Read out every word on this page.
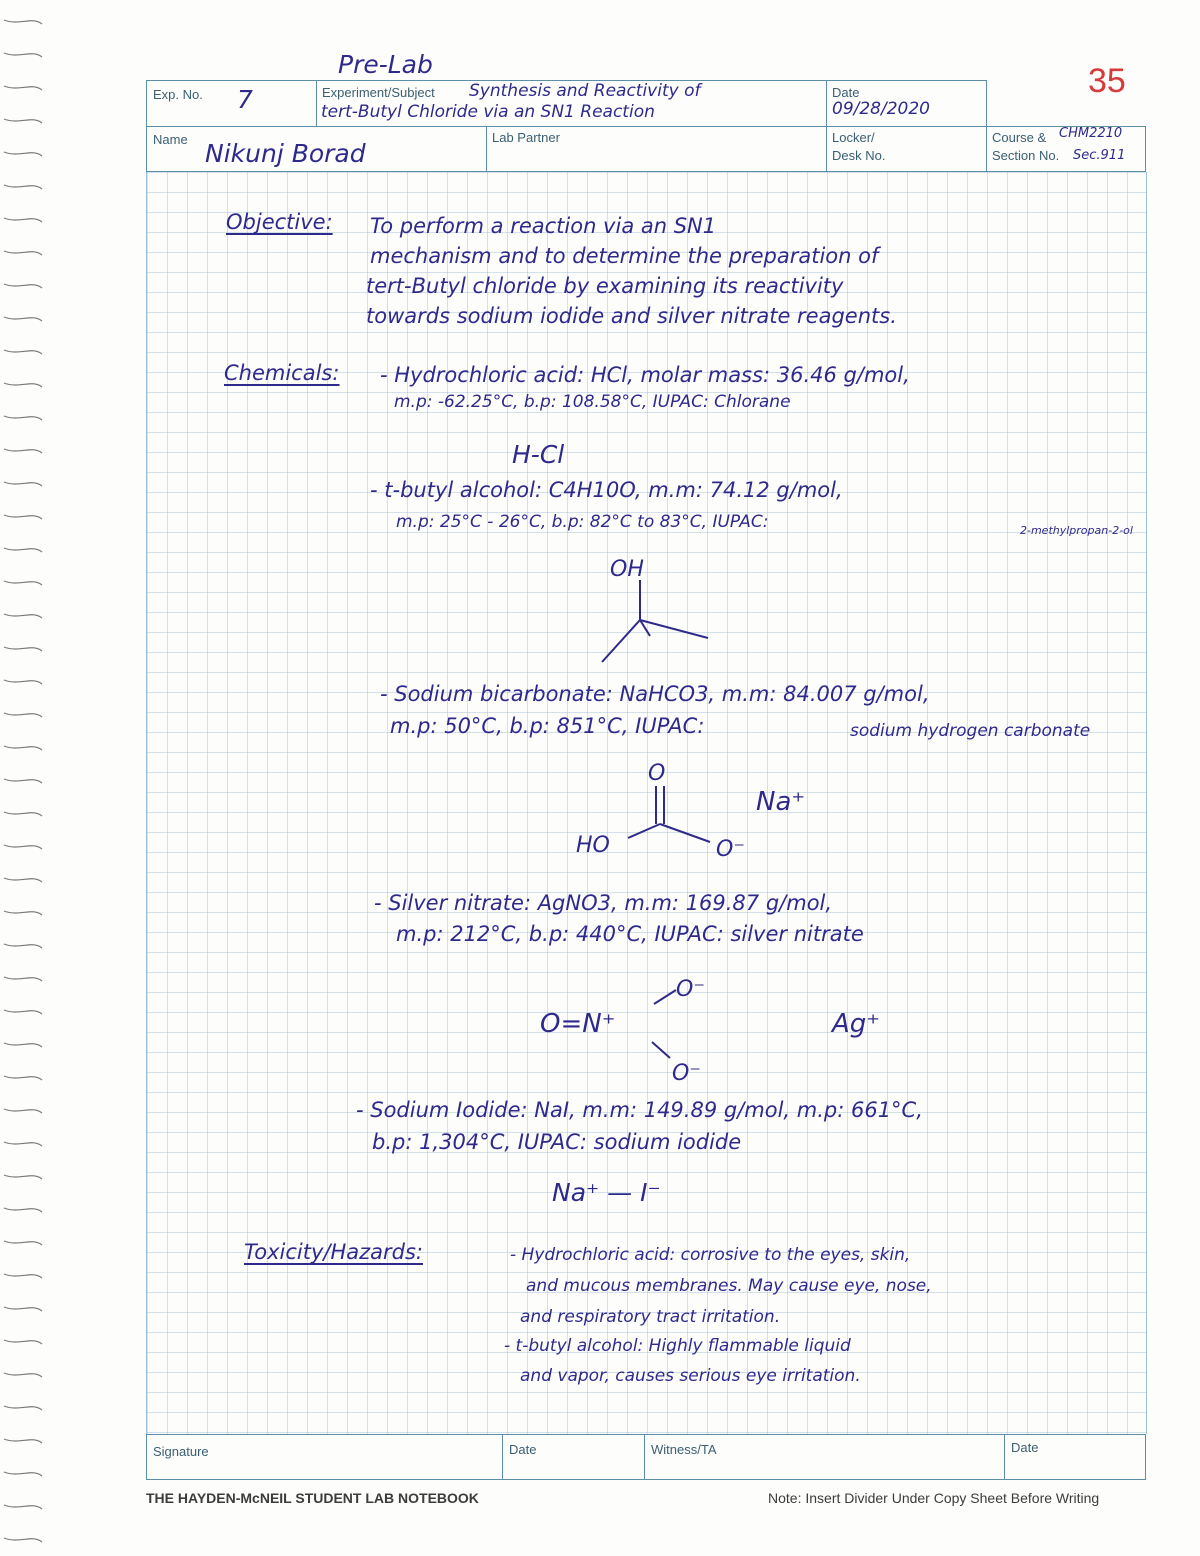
35
Pre-Lab
Exp. No. 7	Experiment/Subject Synthesis and Reactivity of
tert-Butyl Chloride via an SN1 Reaction
Date
09/28/2020
Name Nikunj Borad
Lab Partner	Locker/
Desk No.
Course & CHM2210
Section No. Sec.911
Objective: To perform a reaction via an SN1
mechanism and to determine the preparation of
tert-Butyl chloride by examining its reactivity
towards sodium iodide and silver nitrate reagents.
Chemicals: - Hydrochloric acid: HCl, molar mass: 36.46 g/mol,
m.p: -62.25°C, b.p: 108.58°C, IUPAC: Chlorane
H-Cl
- t-butyl alcohol: C4H10O, m.m: 74.12 g/mol,
m.p: 25°C - 26°C, b.p: 82°C to 83°C, IUPAC:	2-methylpropan-2-ol
OH
- Sodium bicarbonate: NaHCO3, m.m: 84.007 g/mol,
m.p: 50°C, b.p: 851°C, IUPAC:	sodium hydrogen carbonate
O
HO	O⁻
Na⁺
- Silver nitrate: AgNO3, m.m: 169.87 g/mol,
m.p: 212°C, b.p: 440°C, IUPAC: silver nitrate
O=N⁺
O⁻
O⁻
Ag⁺
- Sodium Iodide: NaI, m.m: 149.89 g/mol, m.p: 661°C,
b.p: 1,304°C, IUPAC: sodium iodide
Na⁺ — I⁻
Toxicity/Hazards:	- Hydrochloric acid: corrosive to the eyes, skin,
and mucous membranes. May cause eye, nose,
and respiratory tract irritation.
- t-butyl alcohol: Highly flammable liquid
and vapor, causes serious eye irritation.
Signature	Date	Witness/TA	Date
THE HAYDEN-McNEIL STUDENT LAB NOTEBOOK	Note: Insert Divider Under Copy Sheet Before Writing
